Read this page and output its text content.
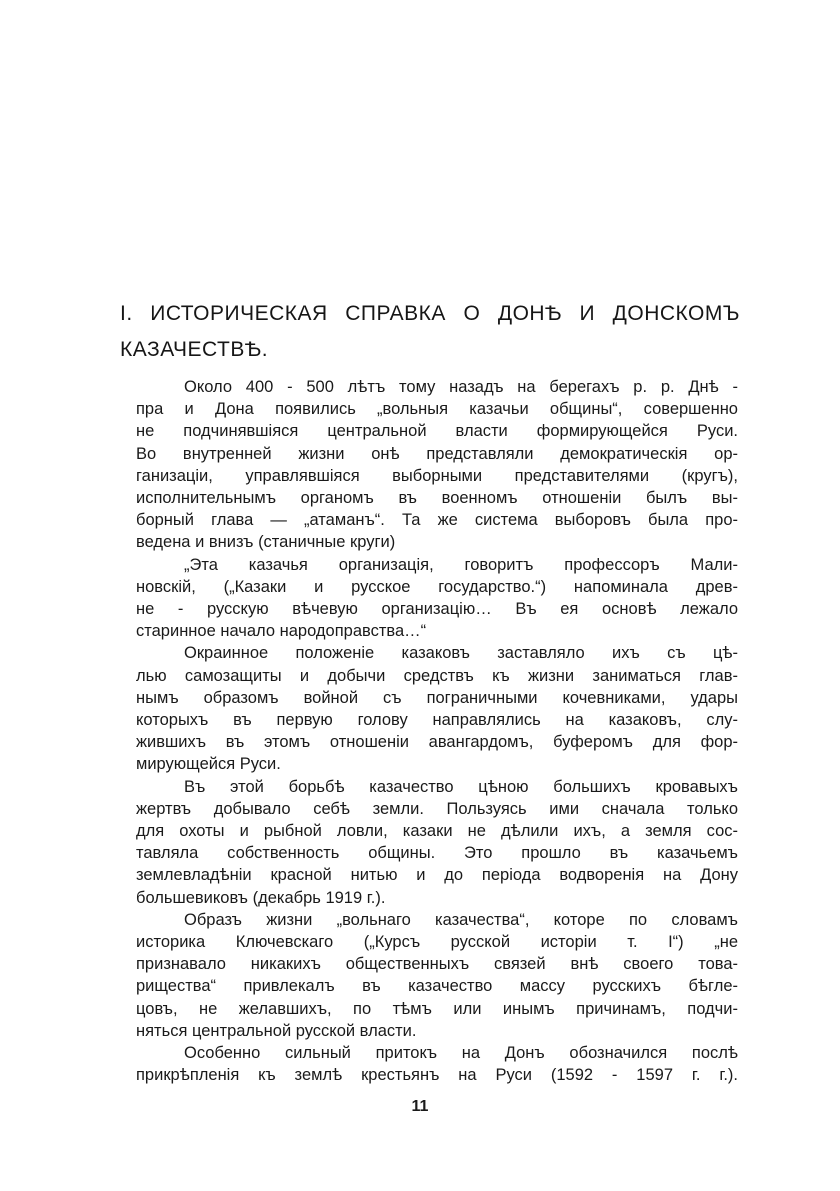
I. ИСТОРИЧЕСКАЯ СПРАВКА О ДОНѢ И ДОНСКОМЪ
КАЗАЧЕСТВѢ.
Около 400 - 500 лѣтъ тому назадъ на берегахъ р. р. Днѣ -
пра и Дона появились „вольныя казачьи общины“, совершенно
не подчинявшіяся центральной власти формирующейся Руси.
Во внутренней жизни онѣ представляли демократическія ор-
ганизаціи, управлявшіяся выборными представителями (кругъ),
исполнительнымъ органомъ въ военномъ отношеніи былъ вы-
борный глава — „атаманъ“. Та же система выборовъ была про-
ведена и внизъ (станичные круги)
„Эта казачья организація, говоритъ профессоръ Мали-
новскій, („Казаки и русское государство.“) напоминала древ-
не - русскую вѣчевую организацію… Въ ея основѣ лежало
старинное начало народоправства…“
Окраинное положеніе казаковъ заставляло ихъ съ цѣ-
лью самозащиты и добычи средствъ къ жизни заниматься глав-
нымъ образомъ войной съ пограничными кочевниками, удары
которыхъ въ первую голову направлялись на казаковъ, слу-
жившихъ въ этомъ отношеніи авангардомъ, буферомъ для фор-
мирующейся Руси.
Въ этой борьбѣ казачество цѣною большихъ кровавыхъ
жертвъ добывало себѣ земли. Пользуясь ими сначала только
для охоты и рыбной ловли, казаки не дѣлили ихъ, а земля сос-
тавляла собственность общины. Это прошло въ казачьемъ
землевладѣніи красной нитью и до періода водворенія на Дону
большевиковъ (декабрь 1919 г.).
Образъ жизни „вольнаго казачества“, которе по словамъ
историка Ключевскаго („Курсъ русской исторіи т. I“) „не
признавало никакихъ общественныхъ связей внѣ своего това-
рищества“ привлекалъ въ казачество массу русскихъ бѣгле-
цовъ, не желавшихъ, по тѣмъ или инымъ причинамъ, подчи-
няться центральной русской власти.
Особенно сильный притокъ на Донъ обозначился послѣ
прикрѣпленія къ землѣ крестьянъ на Руси (1592 - 1597 г. г.).
11
